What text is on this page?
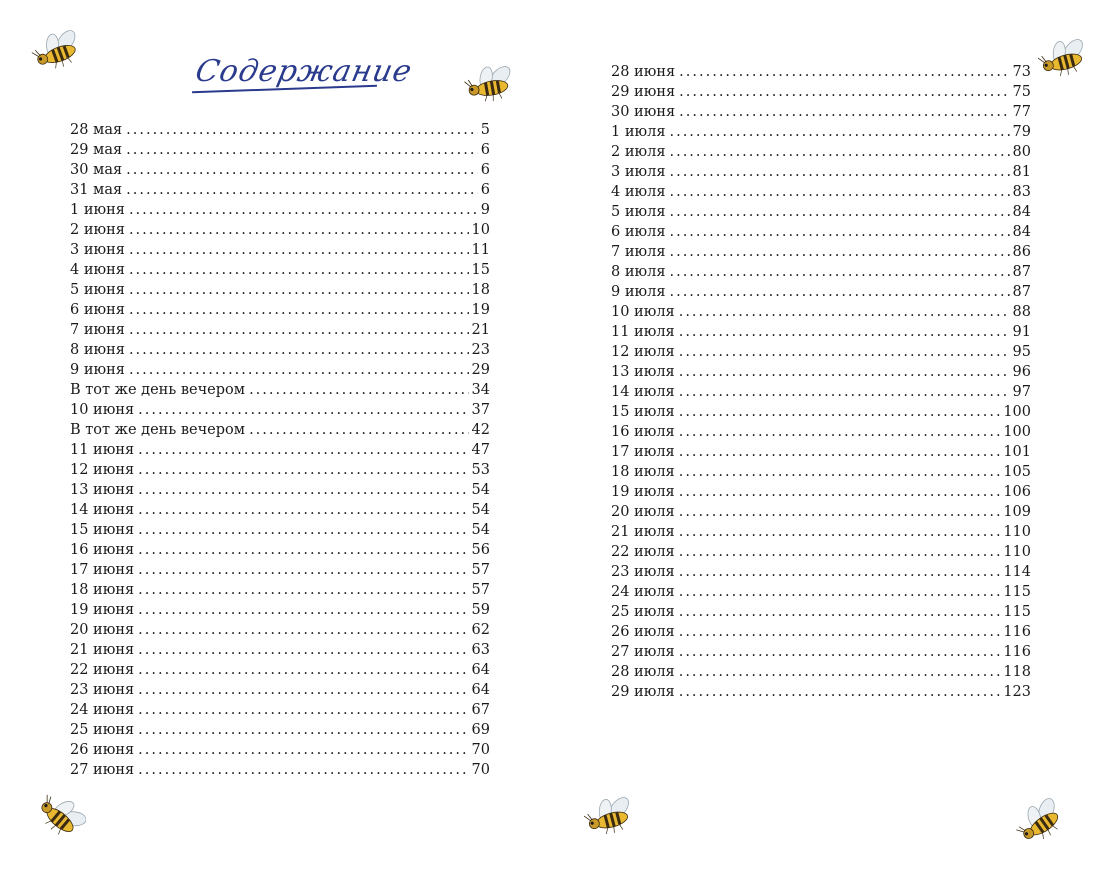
Содержание
28 мая .....	5
29 мая .....	6
30 мая .....	6
31 мая .....	6
1 июня .....	9
2 июня .....	10
3 июня .....	11
4 июня .....	15
5 июня .....	18
6 июня .....	19
7 июня .....	21
8 июня .....	23
9 июня .....	29
В тот же день вечером .....	34
10 июня .....	37
В тот же день вечером .....	42
11 июня .....	47
12 июня .....	53
13 июня .....	54
14 июня .....	54
15 июня .....	54
16 июня .....	56
17 июня .....	57
18 июня .....	57
19 июня .....	59
20 июня .....	62
21 июня .....	63
22 июня .....	64
23 июня .....	64
24 июня .....	67
25 июня .....	69
26 июня .....	70
27 июня .....	70
28 июня .....	73
29 июня .....	75
30 июня .....	77
1 июля .....	79
2 июля .....	80
3 июля .....	81
4 июля .....	83
5 июля .....	84
6 июля .....	84
7 июля .....	86
8 июля .....	87
9 июля .....	87
10 июля .....	88
11 июля .....	91
12 июля .....	95
13 июля .....	96
14 июля .....	97
15 июля .....	100
16 июля .....	100
17 июля .....	101
18 июля .....	105
19 июля .....	106
20 июля .....	109
21 июля .....	110
22 июля .....	110
23 июля .....	114
24 июля .....	115
25 июля .....	115
26 июля .....	116
27 июля .....	116
28 июля .....	118
29 июля .....	123
